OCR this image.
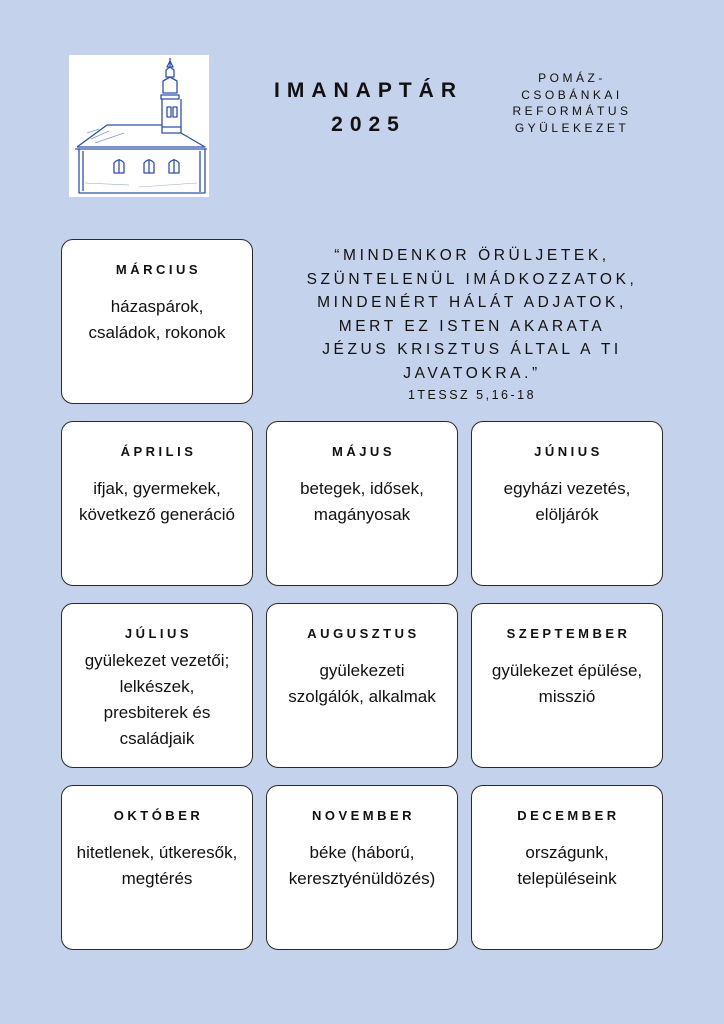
IMANAPTÁR
2025
POMÁZ-
CSOBÁNKAI
REFORMÁTUS
GYÜLEKEZET
“MINDENKOR ÖRÜLJETEK,
SZÜNTELENÜL IMÁDKOZZATOK,
MINDENÉRT HÁLÁT ADJATOK,
MERT EZ ISTEN AKARATA
JÉZUS KRISZTUS ÁLTAL A TI
JAVATOKRA.”
1TESSZ 5,16-18
MÁRCIUS
házaspárok,
családok, rokonok
ÁPRILIS
ifjak, gyermekek,
következő generáció
MÁJUS
betegek, idősek,
magányosak
JÚNIUS
egyházi vezetés,
elöljárók
JÚLIUS
gyülekezet vezetői;
lelkészek,
presbiterek és
családjaik
AUGUSZTUS
gyülekezeti
szolgálók, alkalmak
SZEPTEMBER
gyülekezet épülése,
misszió
OKTÓBER
hitetlenek, útkeresők,
megtérés
NOVEMBER
béke (háború,
keresztyénüldözés)
DECEMBER
országunk,
településeink
